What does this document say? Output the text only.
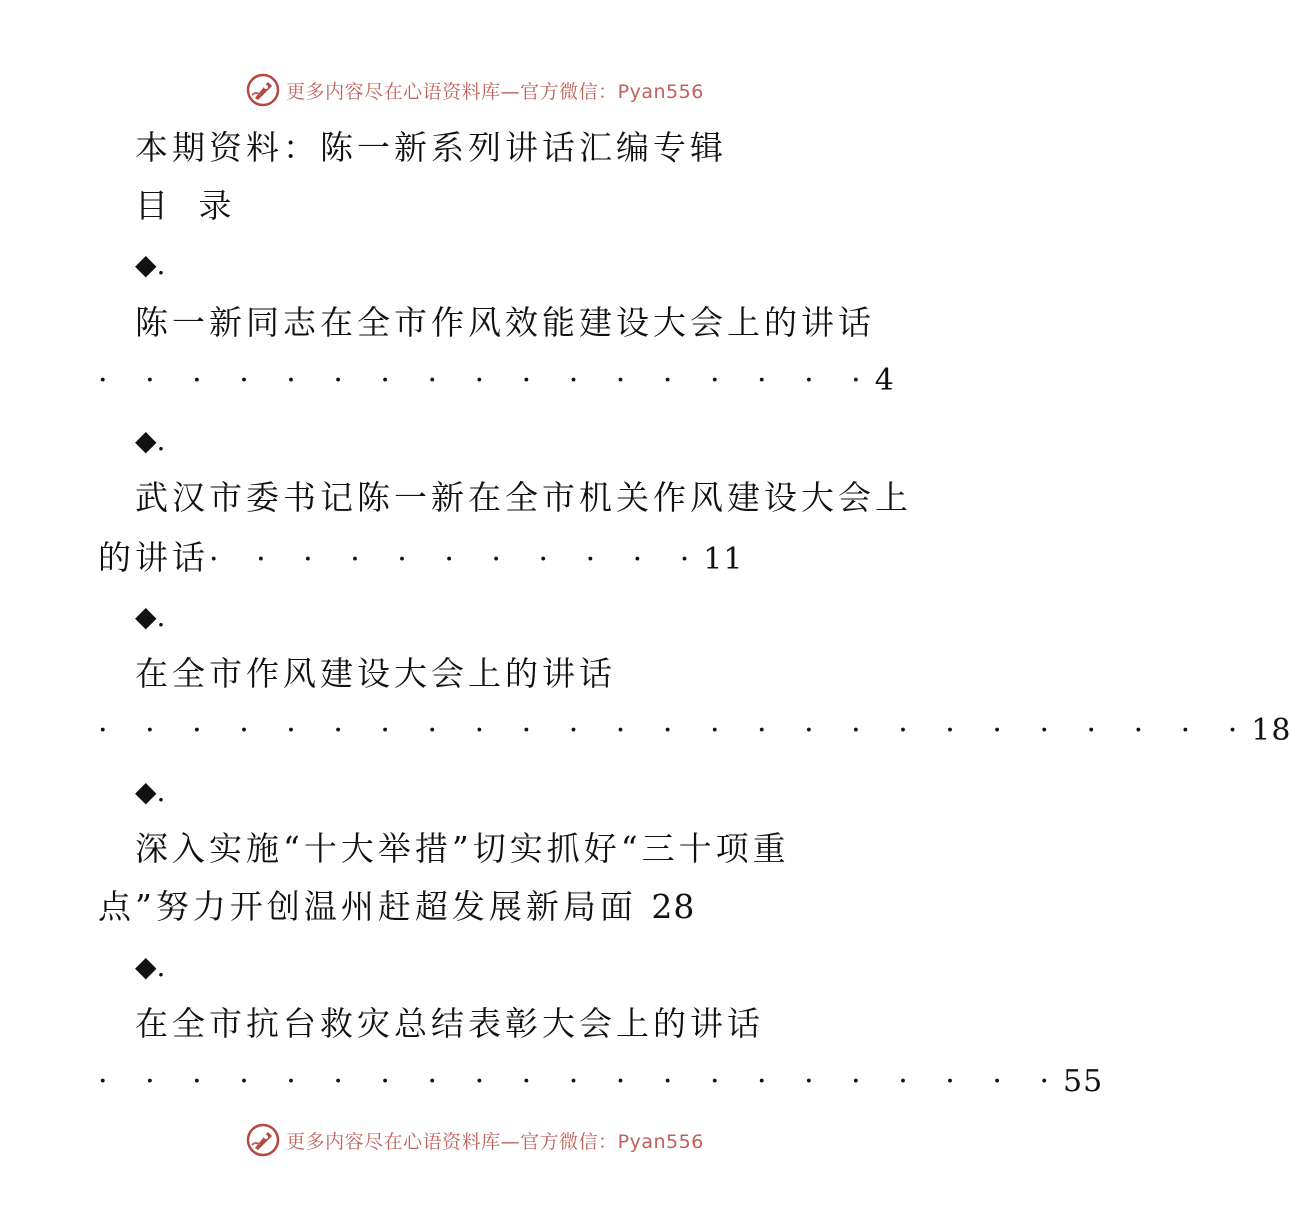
更多内容尽在心语资料库—官方微信：Pyan556
本期资料：陈一新系列讲话汇编专辑
目 录
◆.
陈一新同志在全市作风效能建设大会上的讲话
· · · · · · · · · · · · · · · · ·4
◆.
武汉市委书记陈一新在全市机关作风建设大会上
的讲话· · · · · · · · · · ·11
◆.
在全市作风建设大会上的讲话
· · · · · · · · · · · · · · · · · · · · · · · · ·18
◆.
深入实施“十大举措”切实抓好“三十项重
点”努力开创温州赶超发展新局面 28
◆.
在全市抗台救灾总结表彰大会上的讲话
· · · · · · · · · · · · · · · · · · · · ·55
更多内容尽在心语资料库—官方微信：Pyan556
